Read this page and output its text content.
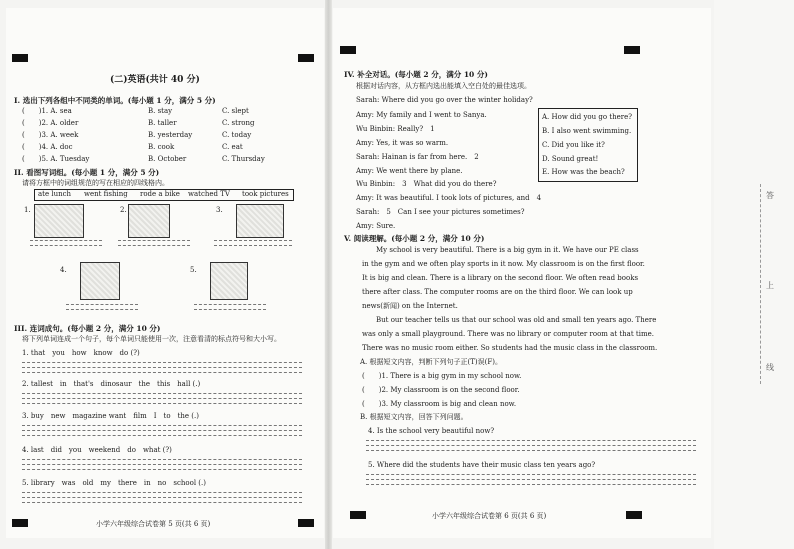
答
上
线
(二)英语(共计 40 分)
I. 选出下列各组中不同类的单词。(每小题 1 分，满分 5 分)
(　　)1. A. sea	B. stay	C. slept
(　　)2. A. older	B. taller	C. strong
(　　)3. A. week	B. yesterday	C. today
(　　)4. A. doc	B. cook	C. eat
(　　)5. A. Tuesday	B. October	C. Thursday
II. 看图写词组。(每小题 1 分，满分 5 分)
请将方框中的词组规范的写在相应的四线格内。
ate lunch went fishing rode a bike watched TV took pictures
1.	2.	3.
4.	5.
III. 连词成句。(每小题 2 分，满分 10 分)
将下列单词连成一个句子，每个单词只能使用一次，注意看清的标点符号和大小写。
1. that　you　how　know　do (?)
2. tallest　in　that's　dinosaur　the　this　hall (.)
3. buy　new　magazine want　film　I　to　the (.)
4. last　did　you　weekend　do　what (?)
5. library　was　old　my　there　in　no　school (.)
小学六年级综合试卷第 5 页(共 6 页)
IV. 补全对话。(每小题 2 分，满分 10 分)
根据对话内容，从方框内选出能填入空白处的最佳选项。
Sarah: Where did you go over the winter holiday?
Amy: My family and I went to Sanya.
Wu Binbin: Really?　1　
Amy: Yes, it was so warm.
Sarah: Hainan is far from here.　2　
Amy: We went there by plane.
Wu Binbin:　3　What did you do there?
Amy: It was beautiful. I took lots of pictures, and　4　
Sarah:　5　Can I see your pictures sometimes?
Amy: Sure.
A. How did you go there?
B. I also went swimming.
C. Did you like it?
D. Sound great!
E. How was the beach?
V. 阅读理解。(每小题 2 分，满分 10 分)
My school is very beautiful. There is a big gym in it. We have our PE class
in the gym and we often play sports in it now. My classroom is on the first floor.
It is big and clean. There is a library on the second floor. We often read books
there after class. The computer rooms are on the third floor. We can look up
news(新闻) on the Internet.
But our teacher tells us that our school was old and small ten years ago. There
was only a small playground. There was no library or computer room at that time.
There was no music room either. So students had the music class in the classroom.
A. 根据短文内容，判断下列句子正(T)误(F)。
(　　)1. There is a big gym in my school now.
(　　)2. My classroom is on the second floor.
(　　)3. My classroom is big and clean now.
B. 根据短文内容，回答下列问题。
4. Is the school very beautiful now?
5. Where did the students have their music class ten years ago?
小学六年级综合试卷第 6 页(共 6 页)
